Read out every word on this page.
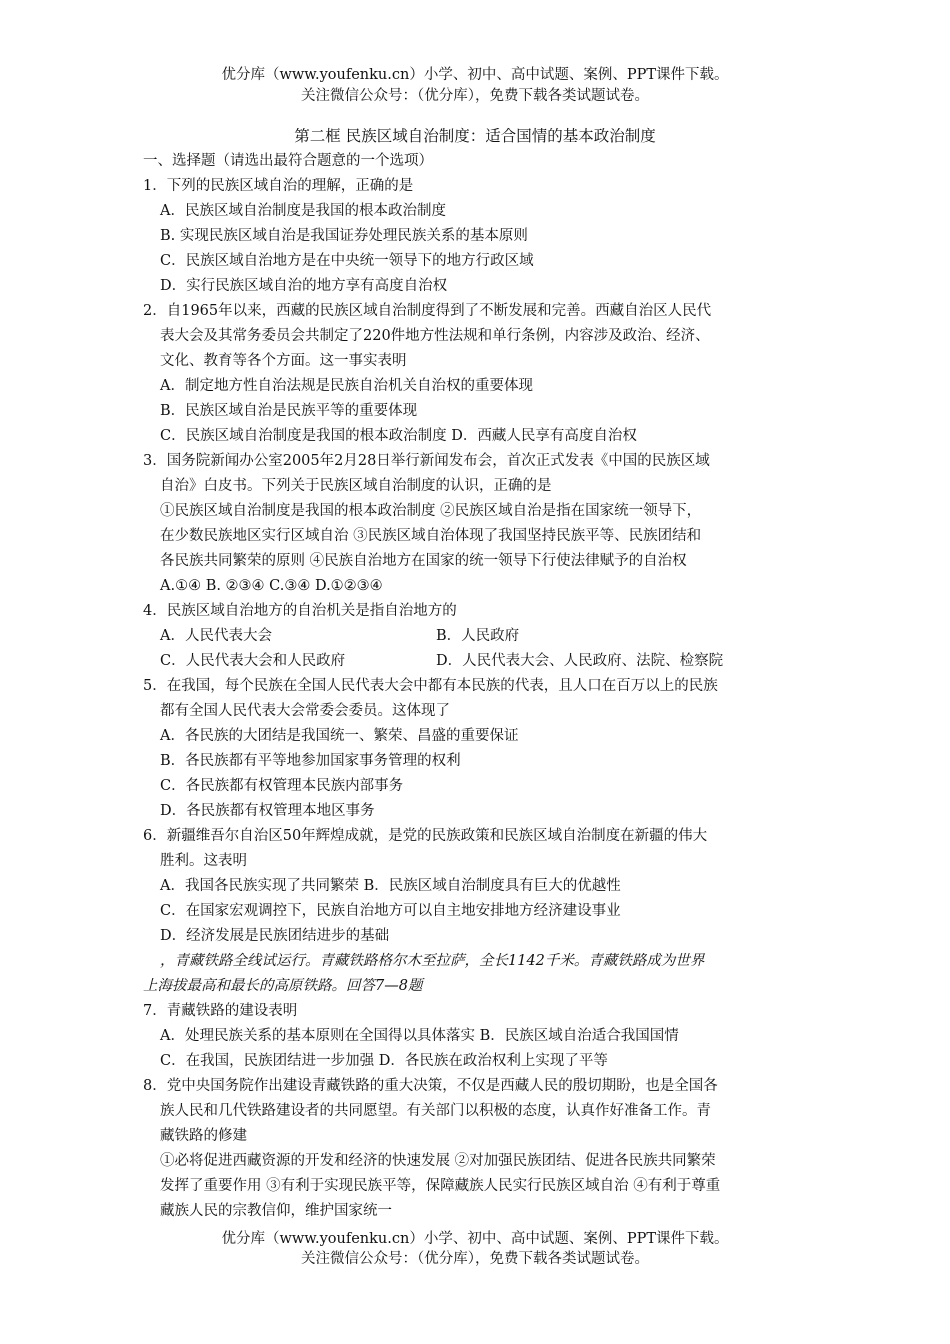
优分库（www.youfenku.cn）小学、初中、高中试题、案例、PPT课件下载。
关注微信公众号：（优分库），免费下载各类试题试卷。
第二框 民族区域自治制度：适合国情的基本政治制度
一、选择题（请选出最符合题意的一个选项）
1．下列的民族区域自治的理解，正确的是
A．民族区域自治制度是我国的根本政治制度
B. 实现民族区域自治是我国证券处理民族关系的基本原则
C．民族区域自治地方是在中央统一领导下的地方行政区域
D．实行民族区域自治的地方享有高度自治权
2．自1965年以来，西藏的民族区域自治制度得到了不断发展和完善。西藏自治区人民代
表大会及其常务委员会共制定了220件地方性法规和单行条例，内容涉及政治、经济、
文化、教育等各个方面。这一事实表明
A．制定地方性自治法规是民族自治机关自治权的重要体现
B．民族区域自治是民族平等的重要体现
C．民族区域自治制度是我国的根本政治制度 D．西藏人民享有高度自治权
3．国务院新闻办公室2005年2月28日举行新闻发布会，首次正式发表《中国的民族区域
自治》白皮书。下列关于民族区域自治制度的认识，正确的是
①民族区域自治制度是我国的根本政治制度 ②民族区域自治是指在国家统一领导下，
在少数民族地区实行区域自治 ③民族区域自治体现了我国坚持民族平等、民族团结和
各民族共同繁荣的原则 ④民族自治地方在国家的统一领导下行使法律赋予的自治权
A.①④ B. ②③④ C.③④ D.①②③④
4．民族区域自治地方的自治机关是指自治地方的
A．人民代表大会	B．人民政府
C．人民代表大会和人民政府	D．人民代表大会、人民政府、法院、检察院
5．在我国，每个民族在全国人民代表大会中都有本民族的代表，且人口在百万以上的民族
都有全国人民代表大会常委会委员。这体现了
A．各民族的大团结是我国统一、繁荣、昌盛的重要保证
B．各民族都有平等地参加国家事务管理的权利
C．各民族都有权管理本民族内部事务
D．各民族都有权管理本地区事务
6．新疆维吾尔自治区50年辉煌成就，是党的民族政策和民族区域自治制度在新疆的伟大
胜利。这表明
A．我国各民族实现了共同繁荣 B．民族区域自治制度具有巨大的优越性
C．在国家宏观调控下，民族自治地方可以自主地安排地方经济建设事业
D．经济发展是民族团结进步的基础
，青藏铁路全线试运行。青藏铁路格尔木至拉萨，全长1142千米。青藏铁路成为世界
上海拔最高和最长的高原铁路。回答7—8题
7．青藏铁路的建设表明
A．处理民族关系的基本原则在全国得以具体落实 B．民族区域自治适合我国国情
C．在我国，民族团结进一步加强 D．各民族在政治权利上实现了平等
8．党中央国务院作出建设青藏铁路的重大决策，不仅是西藏人民的殷切期盼，也是全国各
族人民和几代铁路建设者的共同愿望。有关部门以积极的态度，认真作好准备工作。青
藏铁路的修建
①必将促进西藏资源的开发和经济的快速发展 ②对加强民族团结、促进各民族共同繁荣
发挥了重要作用 ③有利于实现民族平等，保障藏族人民实行民族区域自治 ④有利于尊重
藏族人民的宗教信仰，维护国家统一
优分库（www.youfenku.cn）小学、初中、高中试题、案例、PPT课件下载。
关注微信公众号：（优分库），免费下载各类试题试卷。
